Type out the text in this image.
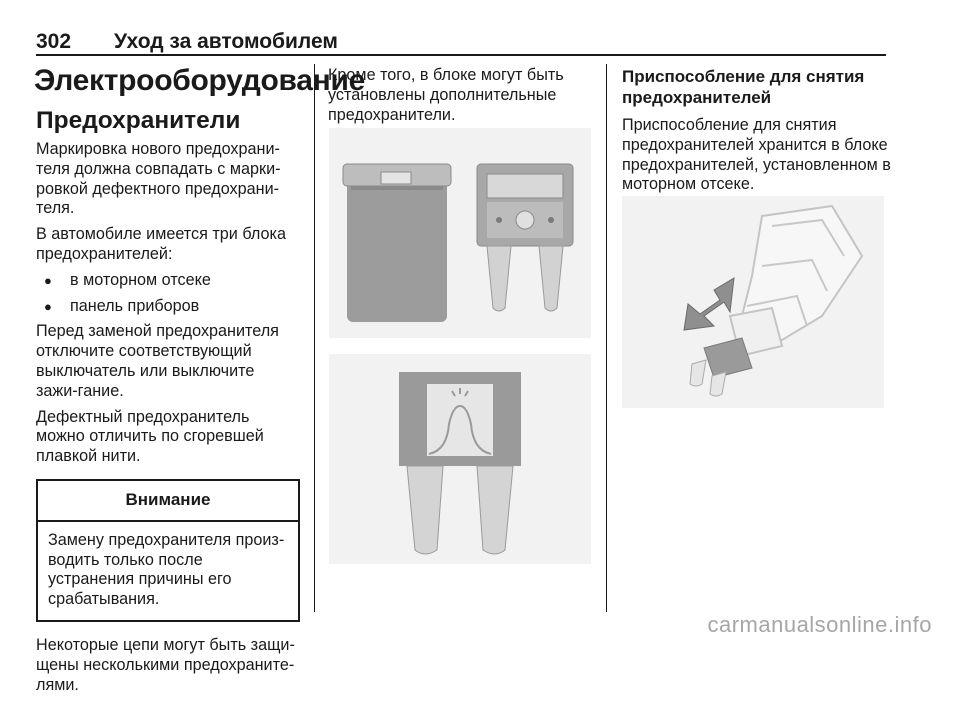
302 Уход за автомобилем
Электрооборудование
Предохранители

Маркировка нового предохрани-теля должна совпадать с марки-ровкой дефектного предохрани-теля.

В автомобиле имеется три блока предохранителей:

● в моторном отсеке
● панель приборов

Перед заменой предохранителя отключите соответствующий выключатель или выключите зажи-гание.

Дефектный предохранитель можно отличить по сгоревшей плавкой нити.

Внимание
Замену предохранителя произ-водить только после устранения причины его срабатывания.

Некоторые цепи могут быть защи-щены несколькими предохраните-лями.

Кроме того, в блоке могут быть установлены дополнительные предохранители.

Приспособление для снятия предохранителей

Приспособление для снятия предохранителей хранится в блоке предохранителей, установленном в моторном отсеке.

carmanualsonline.info
